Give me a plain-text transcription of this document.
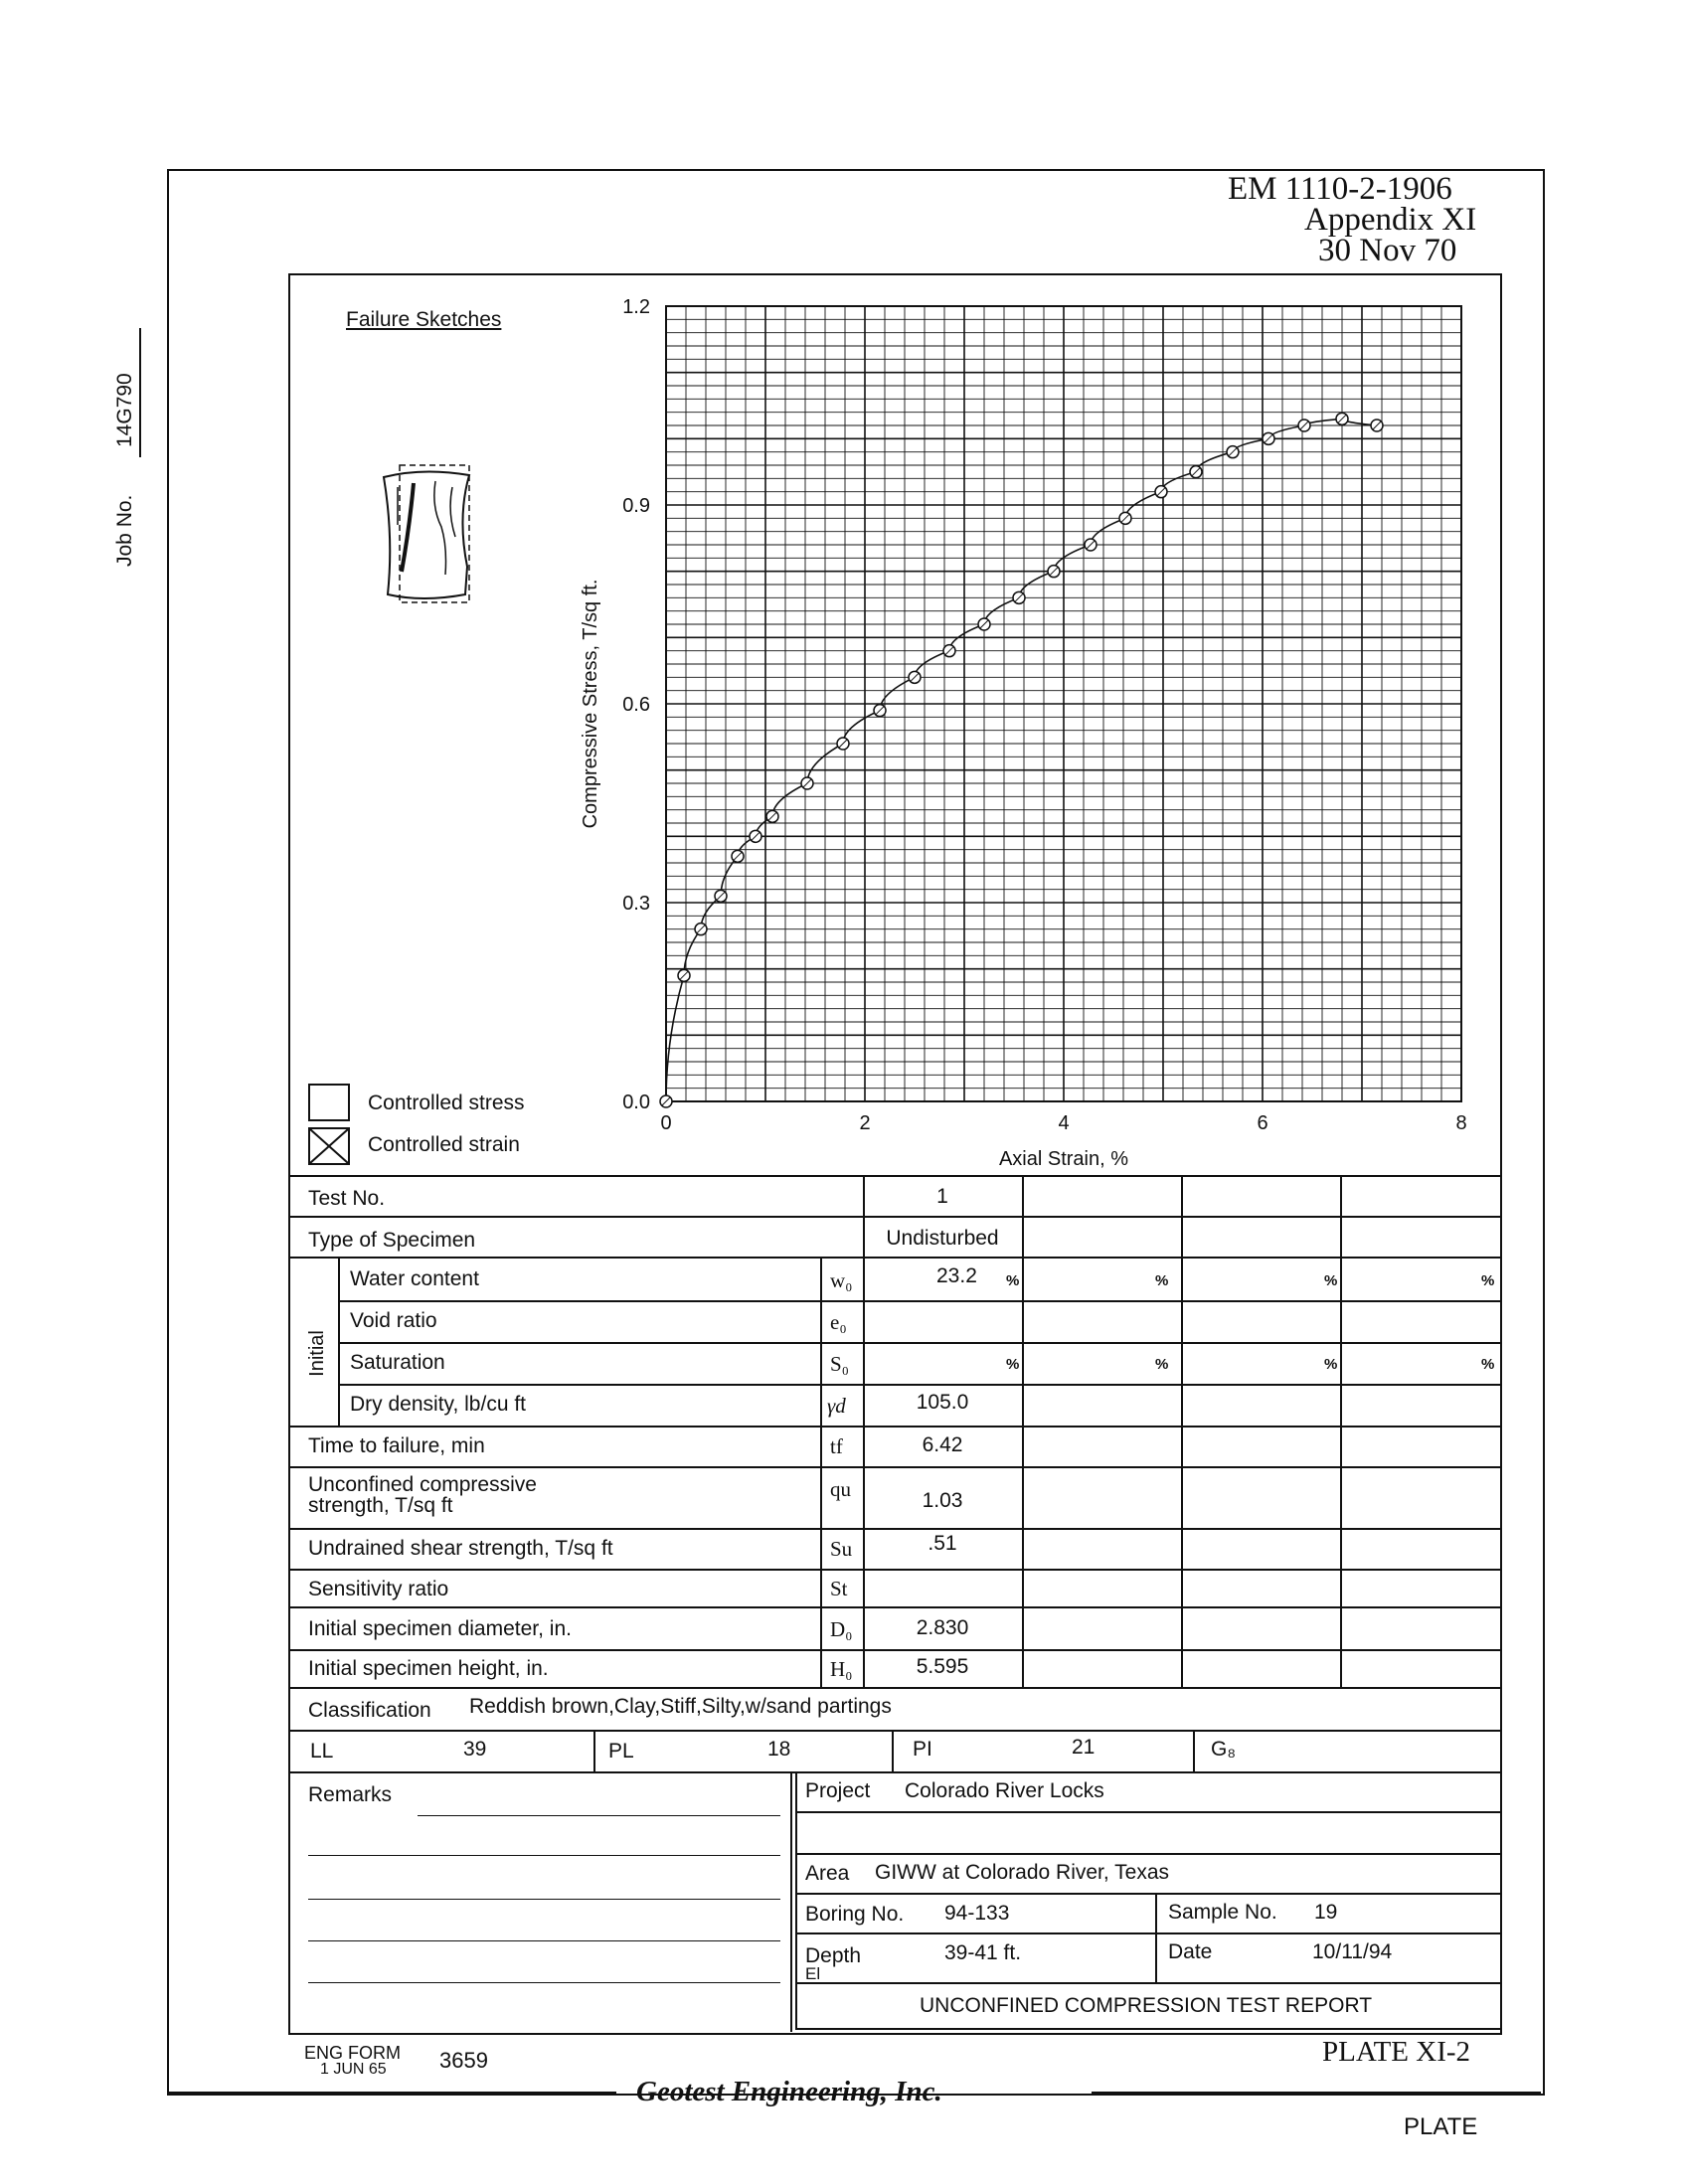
Job No.
14G790
EM 1110-2-1906
Appendix XI
30 Nov 70
Failure Sketches
Controlled stress
Controlled strain
0.0
0.3
0.6
0.9
1.2
0	2	4	6	8
Axial Strain, %
Compressive Stress, T/sq ft.
Test No.	1
Type of Specimen	Undisturbed
Initial
Water content	w₀	23.2 %	%	%	%
Void ratio	e₀
Saturation	S₀	%	%	%	%
Dry density, lb/cu ft	γd	105.0
Time to failure, min	tf	6.42
Unconfined compressive
strength, T/sq ft
qu	1.03
Undrained shear strength, T/sq ft	Su	.51
Sensitivity ratio	St
Initial specimen diameter, in.	D₀	2.830
Initial specimen height, in.	H₀	5.595
Classification Reddish brown,Clay,Stiff,Silty,w/sand partings
LL	39	PL	18	PI	21	G₈
Remarks	Project Colorado River Locks
Area GIWW at Colorado River, Texas
Boring No. 94-133	Sample No. 19
Depth
El
39-41 ft.	Date	10/11/94
UNCONFINED COMPRESSION TEST REPORT
ENG FORM
1 JUN 65 3659	PLATE XI-2
Geotest Engineering, Inc.
PLATE
